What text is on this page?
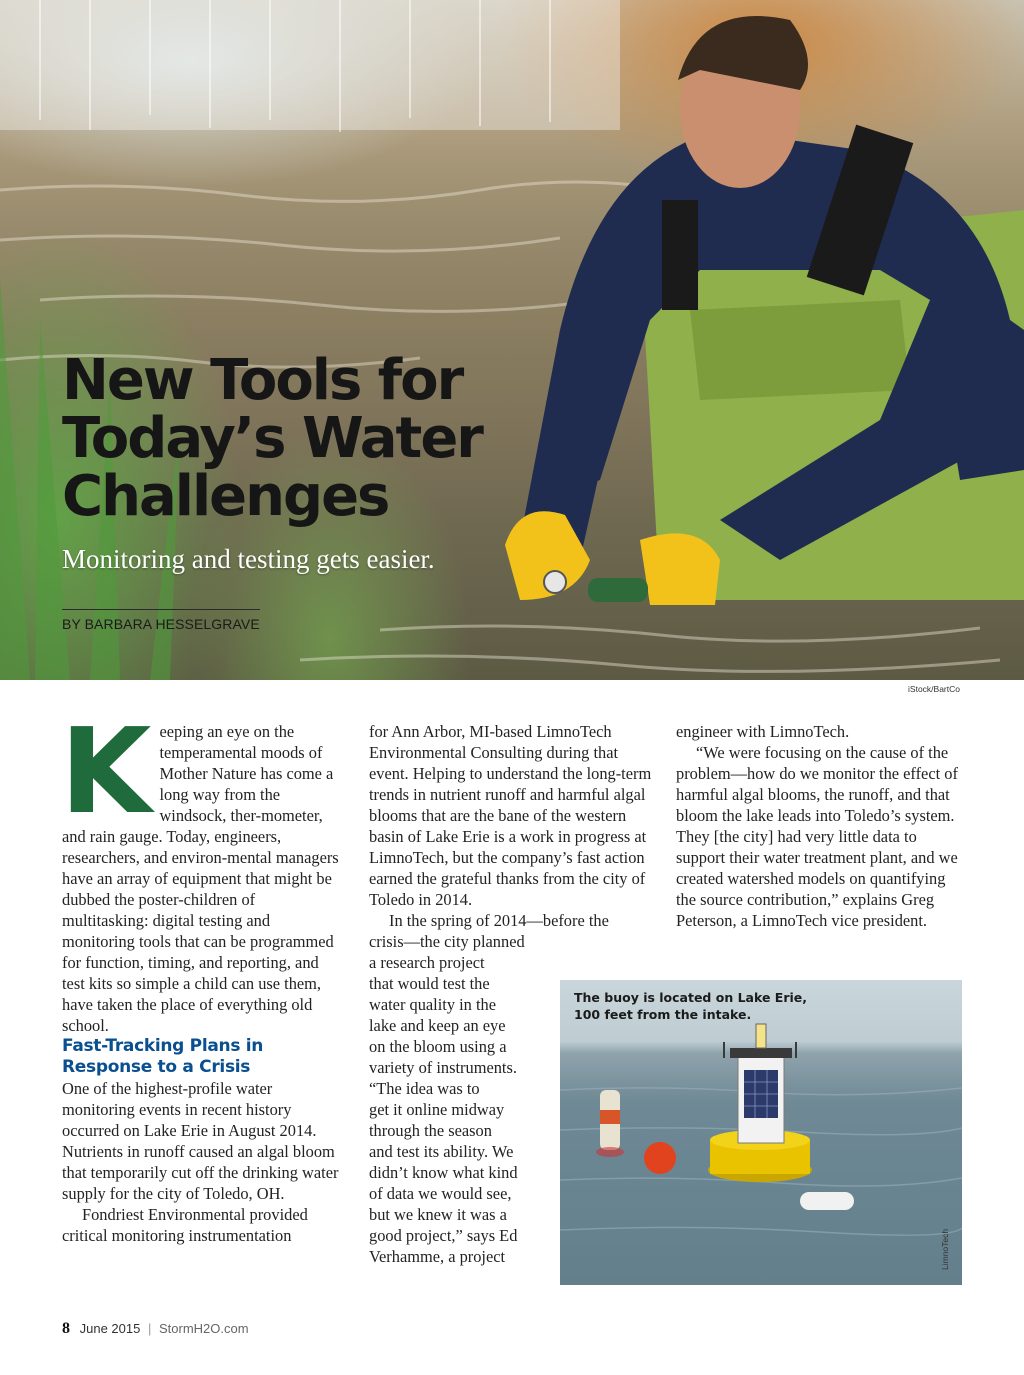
New Tools for
Today’s Water
Challenges

Monitoring and testing gets easier.

BY BARBARA HESSELGRAVE

iStock/BartCo
K eeping an eye on the temperamental moods of Mother Nature has come a long way from the windsock, ther-mometer, and rain gauge. Today, engineers, researchers, and environ-mental managers have an array of equipment that might be dubbed the poster-children of multitasking: digital testing and monitoring tools that can be programmed for function, timing, and reporting, and test kits so simple a child can use them, have taken the place of everything old school.

Fast-Tracking Plans in Response to a Crisis

One of the highest-profile water monitoring events in recent history occurred on Lake Erie in August 2014. Nutrients in runoff caused an algal bloom that temporarily cut off the drinking water supply for the city of Toledo, OH.

Fondriest Environmental provided critical monitoring instrumentation

for Ann Arbor, MI-based LimnoTech Environmental Consulting during that event. Helping to understand the long-term trends in nutrient runoff and harmful algal blooms that are the bane of the western basin of Lake Erie is a work in progress at LimnoTech, but the company’s fast action earned the grateful thanks from the city of Toledo in 2014.

In the spring of 2014—before the

crisis—the city planned
a research project
that would test the
water quality in the
lake and keep an eye
on the bloom using a
variety of instruments.
“The idea was to
get it online midway
through the season
and test its ability. We
didn’t know what kind
of data we would see,
but we knew it was a
good project,” says Ed
Verhamme, a project

engineer with LimnoTech.

“We were focusing on the cause of the problem—how do we monitor the effect of harmful algal blooms, the runoff, and that bloom the lake leads into Toledo’s system. They [the city] had very little data to support their water treatment plant, and we created watershed models on quantifying the source contribution,” explains Greg Peterson, a LimnoTech vice president.

The buoy is located on Lake Erie,
100 feet from the intake.

LimnoTech
8 June 2015 | StormH2O.com
